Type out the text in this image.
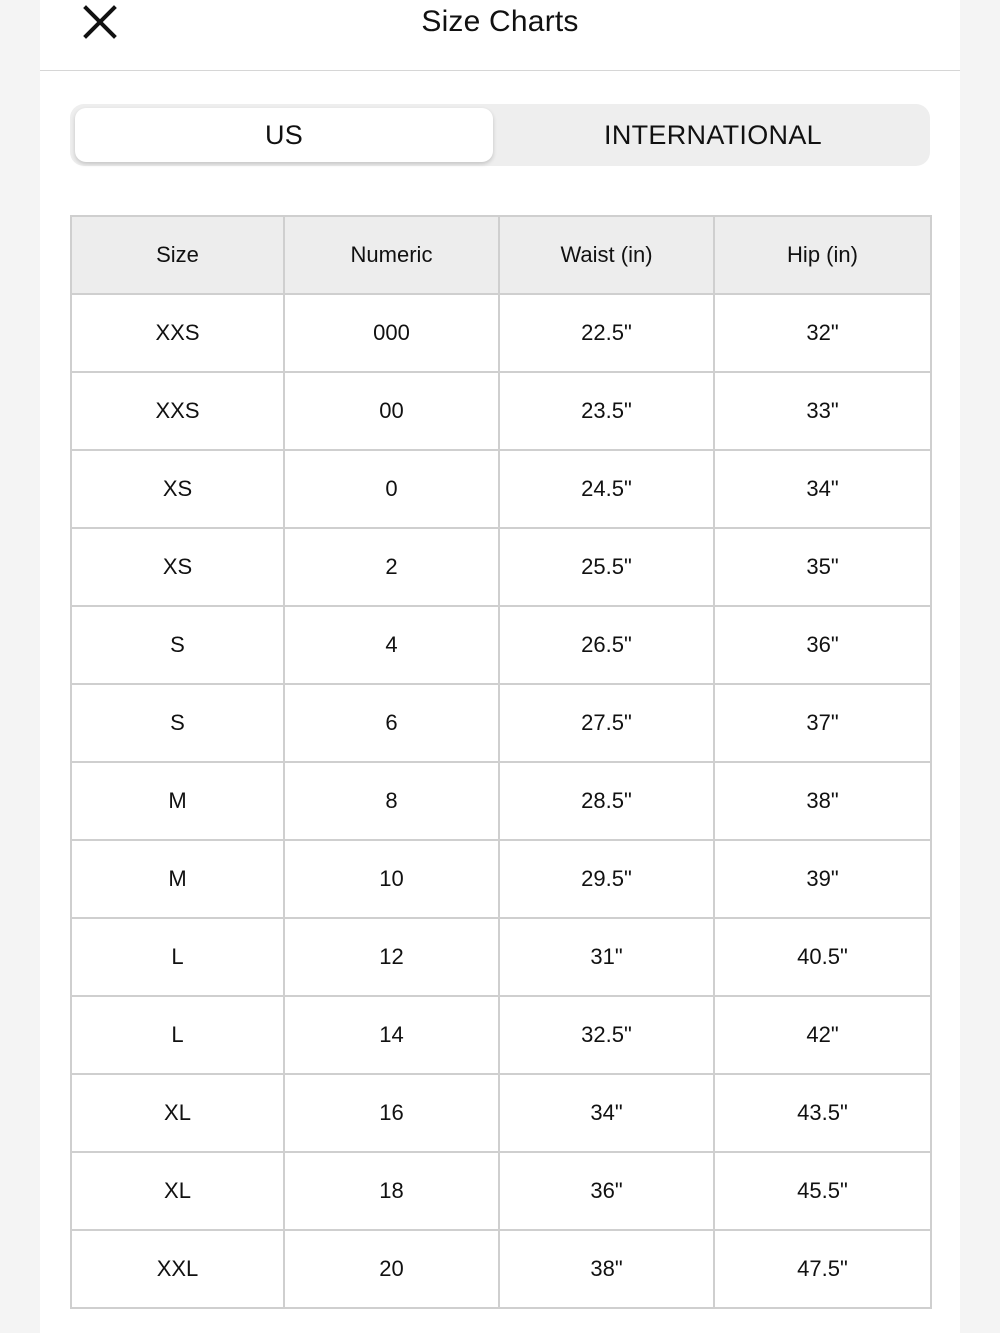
Size Charts
US	INTERNATIONAL
Size	Numeric	Waist (in)	Hip (in)
XXS	000	22.5"	32"
XXS	00	23.5"	33"
XS	0	24.5"	34"
XS	2	25.5"	35"
S	4	26.5"	36"
S	6	27.5"	37"
M	8	28.5"	38"
M	10	29.5"	39"
L	12	31"	40.5"
L	14	32.5"	42"
XL	16	34"	43.5"
XL	18	36"	45.5"
XXL	20	38"	47.5"
